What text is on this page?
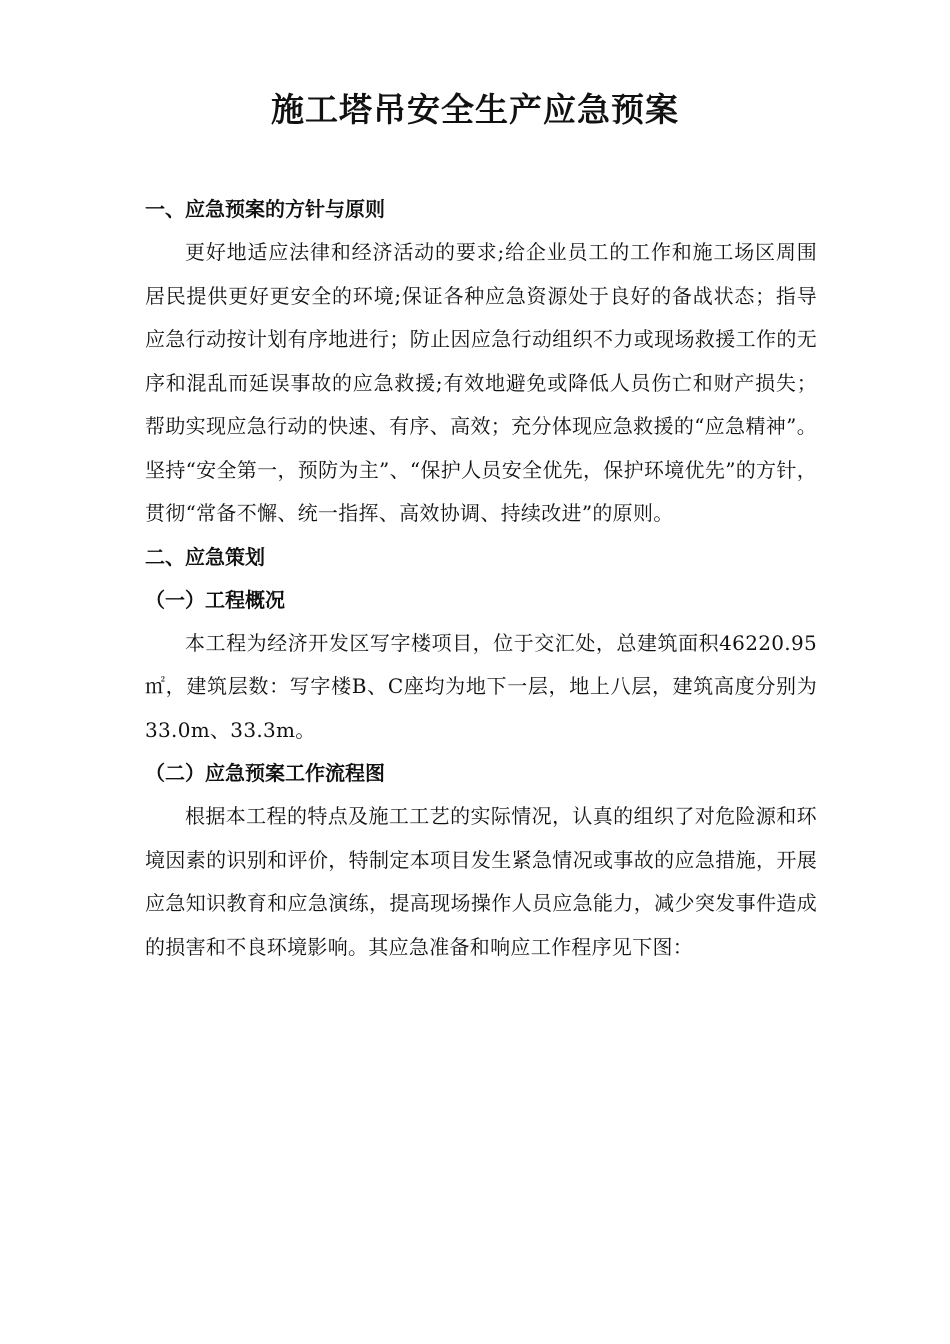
施工塔吊安全生产应急预案

一、应急预案的方针与原则

更好地适应法律和经济活动的要求;给企业员工的工作和施工场区周围居民提供更好更安全的环境;保证各种应急资源处于良好的备战状态；指导应急行动按计划有序地进行；防止因应急行动组织不力或现场救援工作的无序和混乱而延误事故的应急救援;有效地避免或降低人员伤亡和财产损失；帮助实现应急行动的快速、有序、高效；充分体现应急救援的“应急精神”。坚持“安全第一，预防为主”、“保护人员安全优先，保护环境优先”的方针，贯彻“常备不懈、统一指挥、高效协调、持续改进”的原则。

二、应急策划

（一）工程概况

本工程为经济开发区写字楼项目，位于交汇处，总建筑面积46220.95㎡，建筑层数：写字楼B、C座均为地下一层，地上八层，建筑高度分别为33.0m、33.3m。

（二）应急预案工作流程图

根据本工程的特点及施工工艺的实际情况，认真的组织了对危险源和环境因素的识别和评价，特制定本项目发生紧急情况或事故的应急措施，开展应急知识教育和应急演练，提高现场操作人员应急能力，减少突发事件造成的损害和不良环境影响。其应急准备和响应工作程序见下图：
